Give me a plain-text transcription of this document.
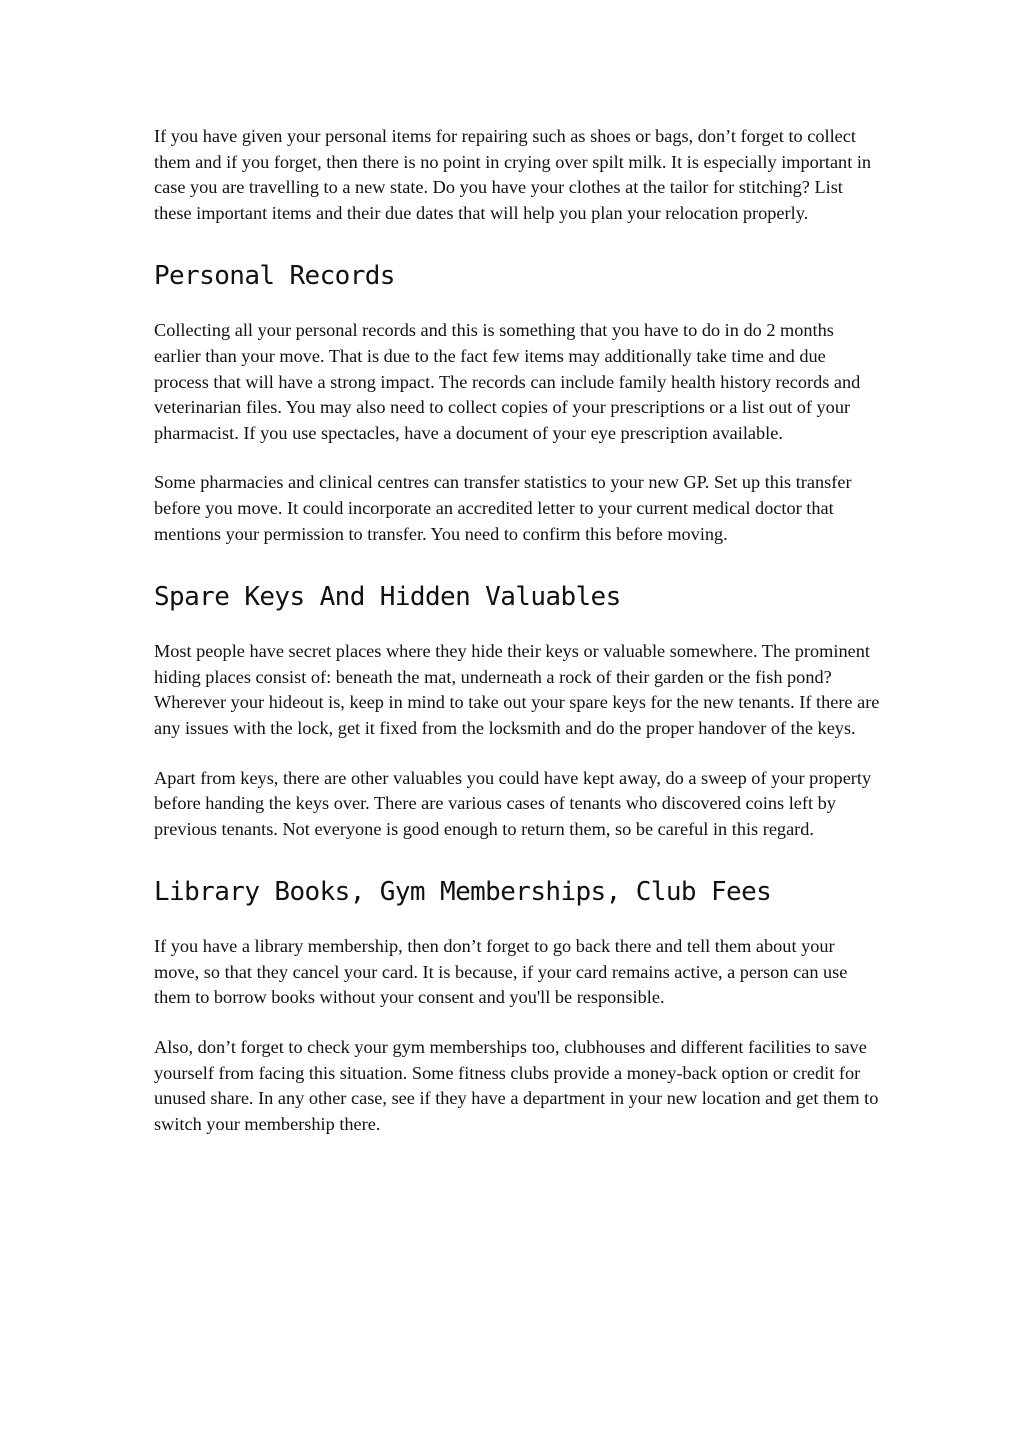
If you have given your personal items for repairing such as shoes or bags, don’t forget to collect them and if you forget, then there is no point in crying over spilt milk. It is especially important in case you are travelling to a new state. Do you have your clothes at the tailor for stitching? List these important items and their due dates that will help you plan your relocation properly.

Personal Records

Collecting all your personal records and this is something that you have to do in do 2 months earlier than your move. That is due to the fact few items may additionally take time and due process that will have a strong impact. The records can include family health history records and veterinarian files. You may also need to collect copies of your prescriptions or a list out of your pharmacist. If you use spectacles, have a document of your eye prescription available.

Some pharmacies and clinical centres can transfer statistics to your new GP. Set up this transfer before you move. It could incorporate an accredited letter to your current medical doctor that mentions your permission to transfer. You need to confirm this before moving.

Spare Keys And Hidden Valuables

Most people have secret places where they hide their keys or valuable somewhere. The prominent hiding places consist of: beneath the mat, underneath a rock of their garden or the fish pond? Wherever your hideout is, keep in mind to take out your spare keys for the new tenants. If there are any issues with the lock, get it fixed from the locksmith and do the proper handover of the keys.

Apart from keys, there are other valuables you could have kept away, do a sweep of your property before handing the keys over. There are various cases of tenants who discovered coins left by previous tenants. Not everyone is good enough to return them, so be careful in this regard.

Library Books, Gym Memberships, Club Fees

If you have a library membership, then don’t forget to go back there and tell them about your move, so that they cancel your card. It is because, if your card remains active, a person can use them to borrow books without your consent and you'll be responsible.

Also, don’t forget to check your gym memberships too, clubhouses and different facilities to save yourself from facing this situation. Some fitness clubs provide a money-back option or credit for unused share. In any other case, see if they have a department in your new location and get them to switch your membership there.
